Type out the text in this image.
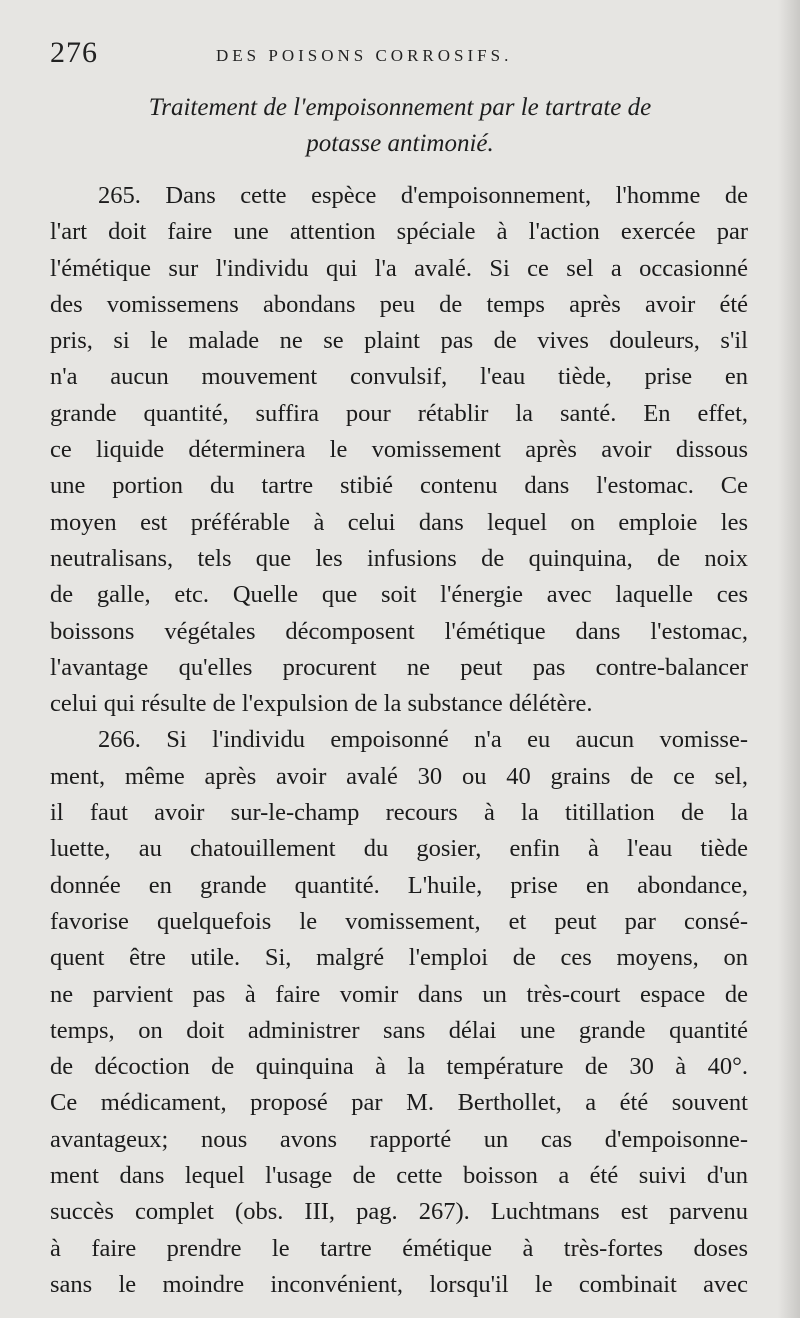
276	DES POISONS CORROSIFS.
Traitement de l'empoisonnement par le tartrate de
potasse antimonié.
265. Dans cette espèce d'empoisonnement, l'homme de
l'art doit faire une attention spéciale à l'action exercée par
l'émétique sur l'individu qui l'a avalé. Si ce sel a occasionné
des vomissemens abondans peu de temps après avoir été
pris, si le malade ne se plaint pas de vives douleurs, s'il
n'a aucun mouvement convulsif, l'eau tiède, prise en
grande quantité, suffira pour rétablir la santé. En effet,
ce liquide déterminera le vomissement après avoir dissous
une portion du tartre stibié contenu dans l'estomac. Ce
moyen est préférable à celui dans lequel on emploie les
neutralisans, tels que les infusions de quinquina, de noix
de galle, etc. Quelle que soit l'énergie avec laquelle ces
boissons végétales décomposent l'émétique dans l'estomac,
l'avantage qu'elles procurent ne peut pas contre-balancer
celui qui résulte de l'expulsion de la substance délétère.
266. Si l'individu empoisonné n'a eu aucun vomisse-
ment, même après avoir avalé 30 ou 40 grains de ce sel,
il faut avoir sur-le-champ recours à la titillation de la
luette, au chatouillement du gosier, enfin à l'eau tiède
donnée en grande quantité. L'huile, prise en abondance,
favorise quelquefois le vomissement, et peut par consé-
quent être utile. Si, malgré l'emploi de ces moyens, on
ne parvient pas à faire vomir dans un très-court espace de
temps, on doit administrer sans délai une grande quantité
de décoction de quinquina à la température de 30 à 40°.
Ce médicament, proposé par M. Berthollet, a été souvent
avantageux; nous avons rapporté un cas d'empoisonne-
ment dans lequel l'usage de cette boisson a été suivi d'un
succès complet (obs. III, pag. 267). Luchtmans est parvenu
à faire prendre le tartre émétique à très-fortes doses
sans le moindre inconvénient, lorsqu'il le combinait avec
